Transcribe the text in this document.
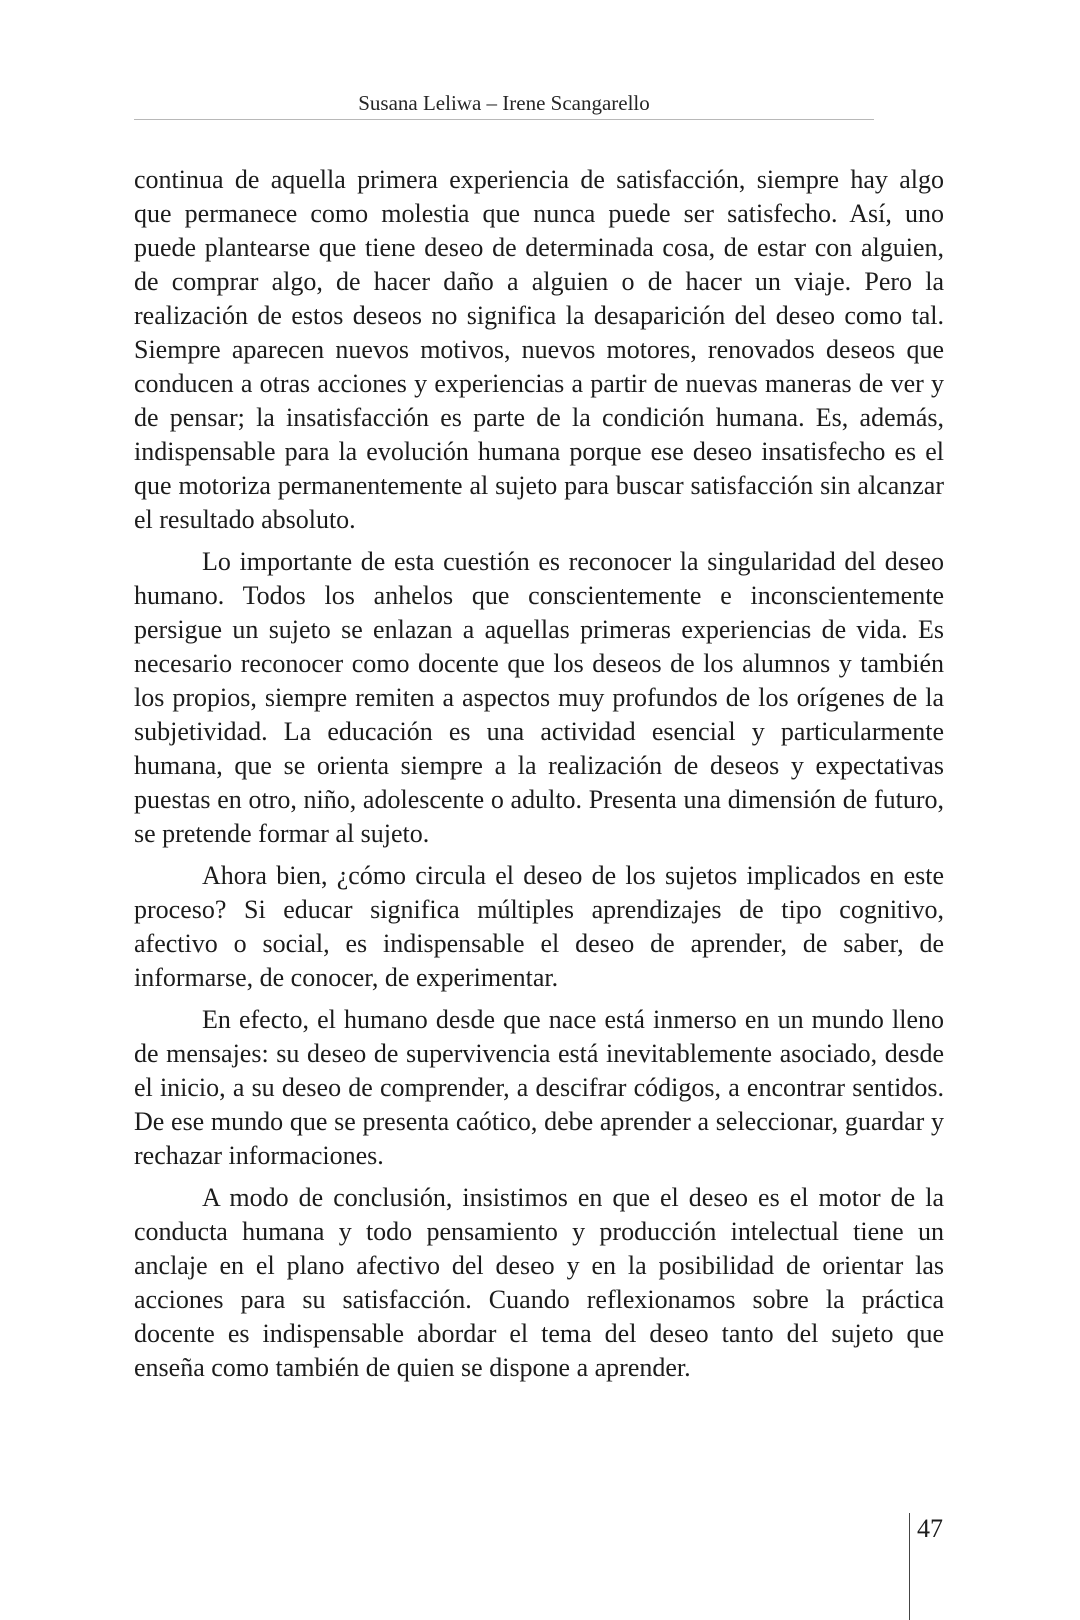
Susana Leliwa – Irene Scangarello

continua de aquella primera experiencia de satisfacción, siempre hay algo que permanece como molestia que nunca puede ser satisfecho. Así, uno puede plantearse que tiene deseo de determinada cosa, de estar con alguien, de comprar algo, de hacer daño a alguien o de hacer un viaje. Pero la realización de estos deseos no significa la desaparición del deseo como tal. Siempre aparecen nuevos motivos, nuevos motores, renovados deseos que conducen a otras acciones y experiencias a partir de nuevas maneras de ver y de pensar; la insatisfacción es parte de la condición humana. Es, además, indispensable para la evolución humana porque ese deseo insatisfecho es el que motoriza permanentemente al sujeto para buscar satisfacción sin alcanzar el resultado absoluto.

Lo importante de esta cuestión es reconocer la singularidad del deseo humano. Todos los anhelos que conscientemente e inconscientemente persigue un sujeto se enlazan a aquellas primeras experiencias de vida. Es necesario reconocer como docente que los deseos de los alumnos y también los propios, siempre remiten a aspectos muy profundos de los orígenes de la subjetividad. La educación es una actividad esencial y particularmente humana, que se orienta siempre a la realización de deseos y expectativas puestas en otro, niño, adolescente o adulto. Presenta una dimensión de futuro, se pretende formar al sujeto.

Ahora bien, ¿cómo circula el deseo de los sujetos implicados en este proceso? Si educar significa múltiples aprendizajes de tipo cognitivo, afectivo o social, es indispensable el deseo de aprender, de saber, de informarse, de conocer, de experimentar.

En efecto, el humano desde que nace está inmerso en un mundo lleno de mensajes: su deseo de supervivencia está inevitablemente asociado, desde el inicio, a su deseo de comprender, a descifrar códigos, a encontrar sentidos. De ese mundo que se presenta caótico, debe aprender a seleccionar, guardar y rechazar informaciones.

A modo de conclusión, insistimos en que el deseo es el motor de la conducta humana y todo pensamiento y producción intelectual tiene un anclaje en el plano afectivo del deseo y en la posibilidad de orientar las acciones para su satisfacción. Cuando reflexionamos sobre la práctica docente es indispensable abordar el tema del deseo tanto del sujeto que enseña como también de quien se dispone a aprender.

47
